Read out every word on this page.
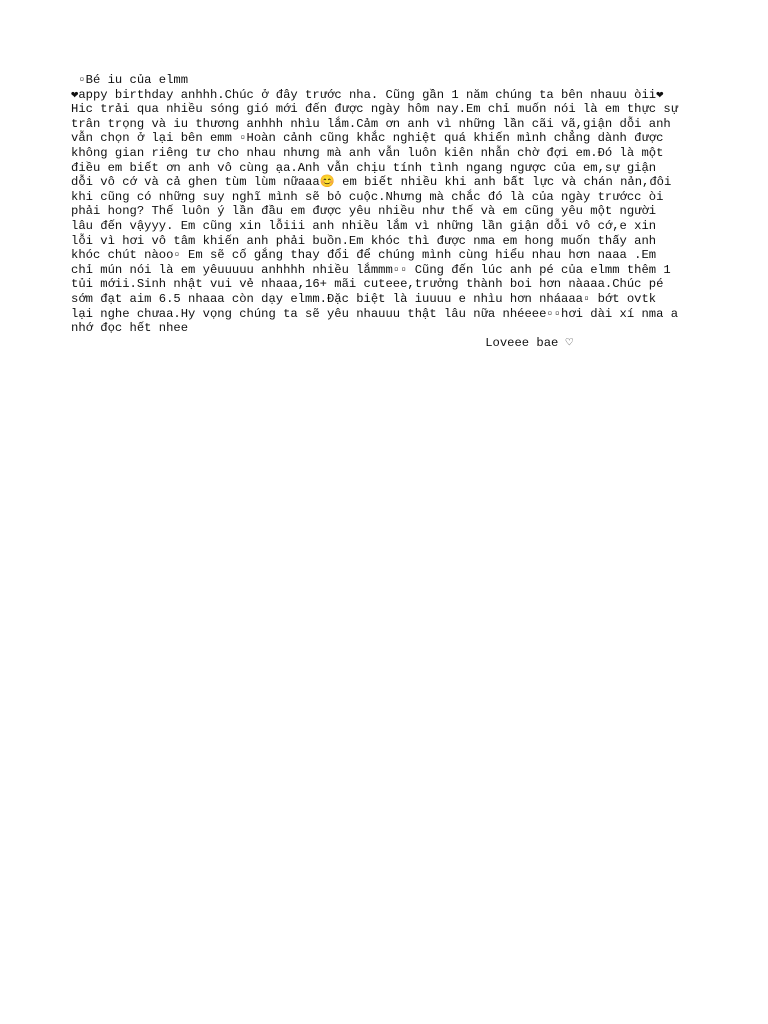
▫Bé iu của elmm
❤appy birthday anhhh.Chúc ở đây trước nha. Cũng gần 1 năm chúng ta bên nhauu òii❤
Hic trải qua nhiều sóng gió mới đến được ngày hôm nay.Em chỉ muốn nói là em thực sự
trân trọng và iu thương anhhh nhìu lắm.Cảm ơn anh vì những lần cãi vã,giận dỗi anh
vẫn chọn ở lại bên emm ▫Hoàn cảnh cũng khắc nghiệt quá khiến mình chẳng dành được
không gian riêng tư cho nhau nhưng mà anh vẫn luôn kiên nhẫn chờ đợi em.Đó là một
điều em biết ơn anh vô cùng ạa.Anh vẫn chịu tính tình ngang ngược của em,sự giận
dỗi vô cớ và cả ghen tùm lùm nữaaa😊 em biết nhiều khi anh bất lực và chán nản,đôi
khi cũng có những suy nghĩ mình sẽ bỏ cuộc.Nhưng mà chắc đó là của ngày trướcc òi
phải hong? Thế luôn ý lần đầu em được yêu nhiều như thế và em cũng yêu một người
lâu đến vậyyy. Em cũng xin lỗiii anh nhiều lắm vì những lần giận dỗi vô cớ,e xin
lỗi vì hơi vô tâm khiến anh phải buồn.Em khóc thì được nma em hong muốn thấy anh
khóc chút nàoo▫ Em sẽ cố gắng thay đổi để chúng mình cùng hiểu nhau hơn naaa .Em
chỉ mún nói là em yêuuuuu anhhhh nhiều lắmmm▫▫ Cũng đến lúc anh pé của elmm thêm 1
tủi mớii.Sinh nhật vui vẻ nhaaa,16+ mãi cuteee,trưởng thành boi hơn nàaaa.Chúc pé
sớm đạt aim 6.5 nhaaa còn dạy elmm.Đặc biệt là iuuuu e nhìu hơn nháaaa▫ bớt ovtk
lại nghe chưaa.Hy vọng chúng ta sẽ yêu nhauuu thật lâu nữa nhéeee▫▫hơi dài xí nma a
nhớ đọc hết nhee
Loveee bae ♡
